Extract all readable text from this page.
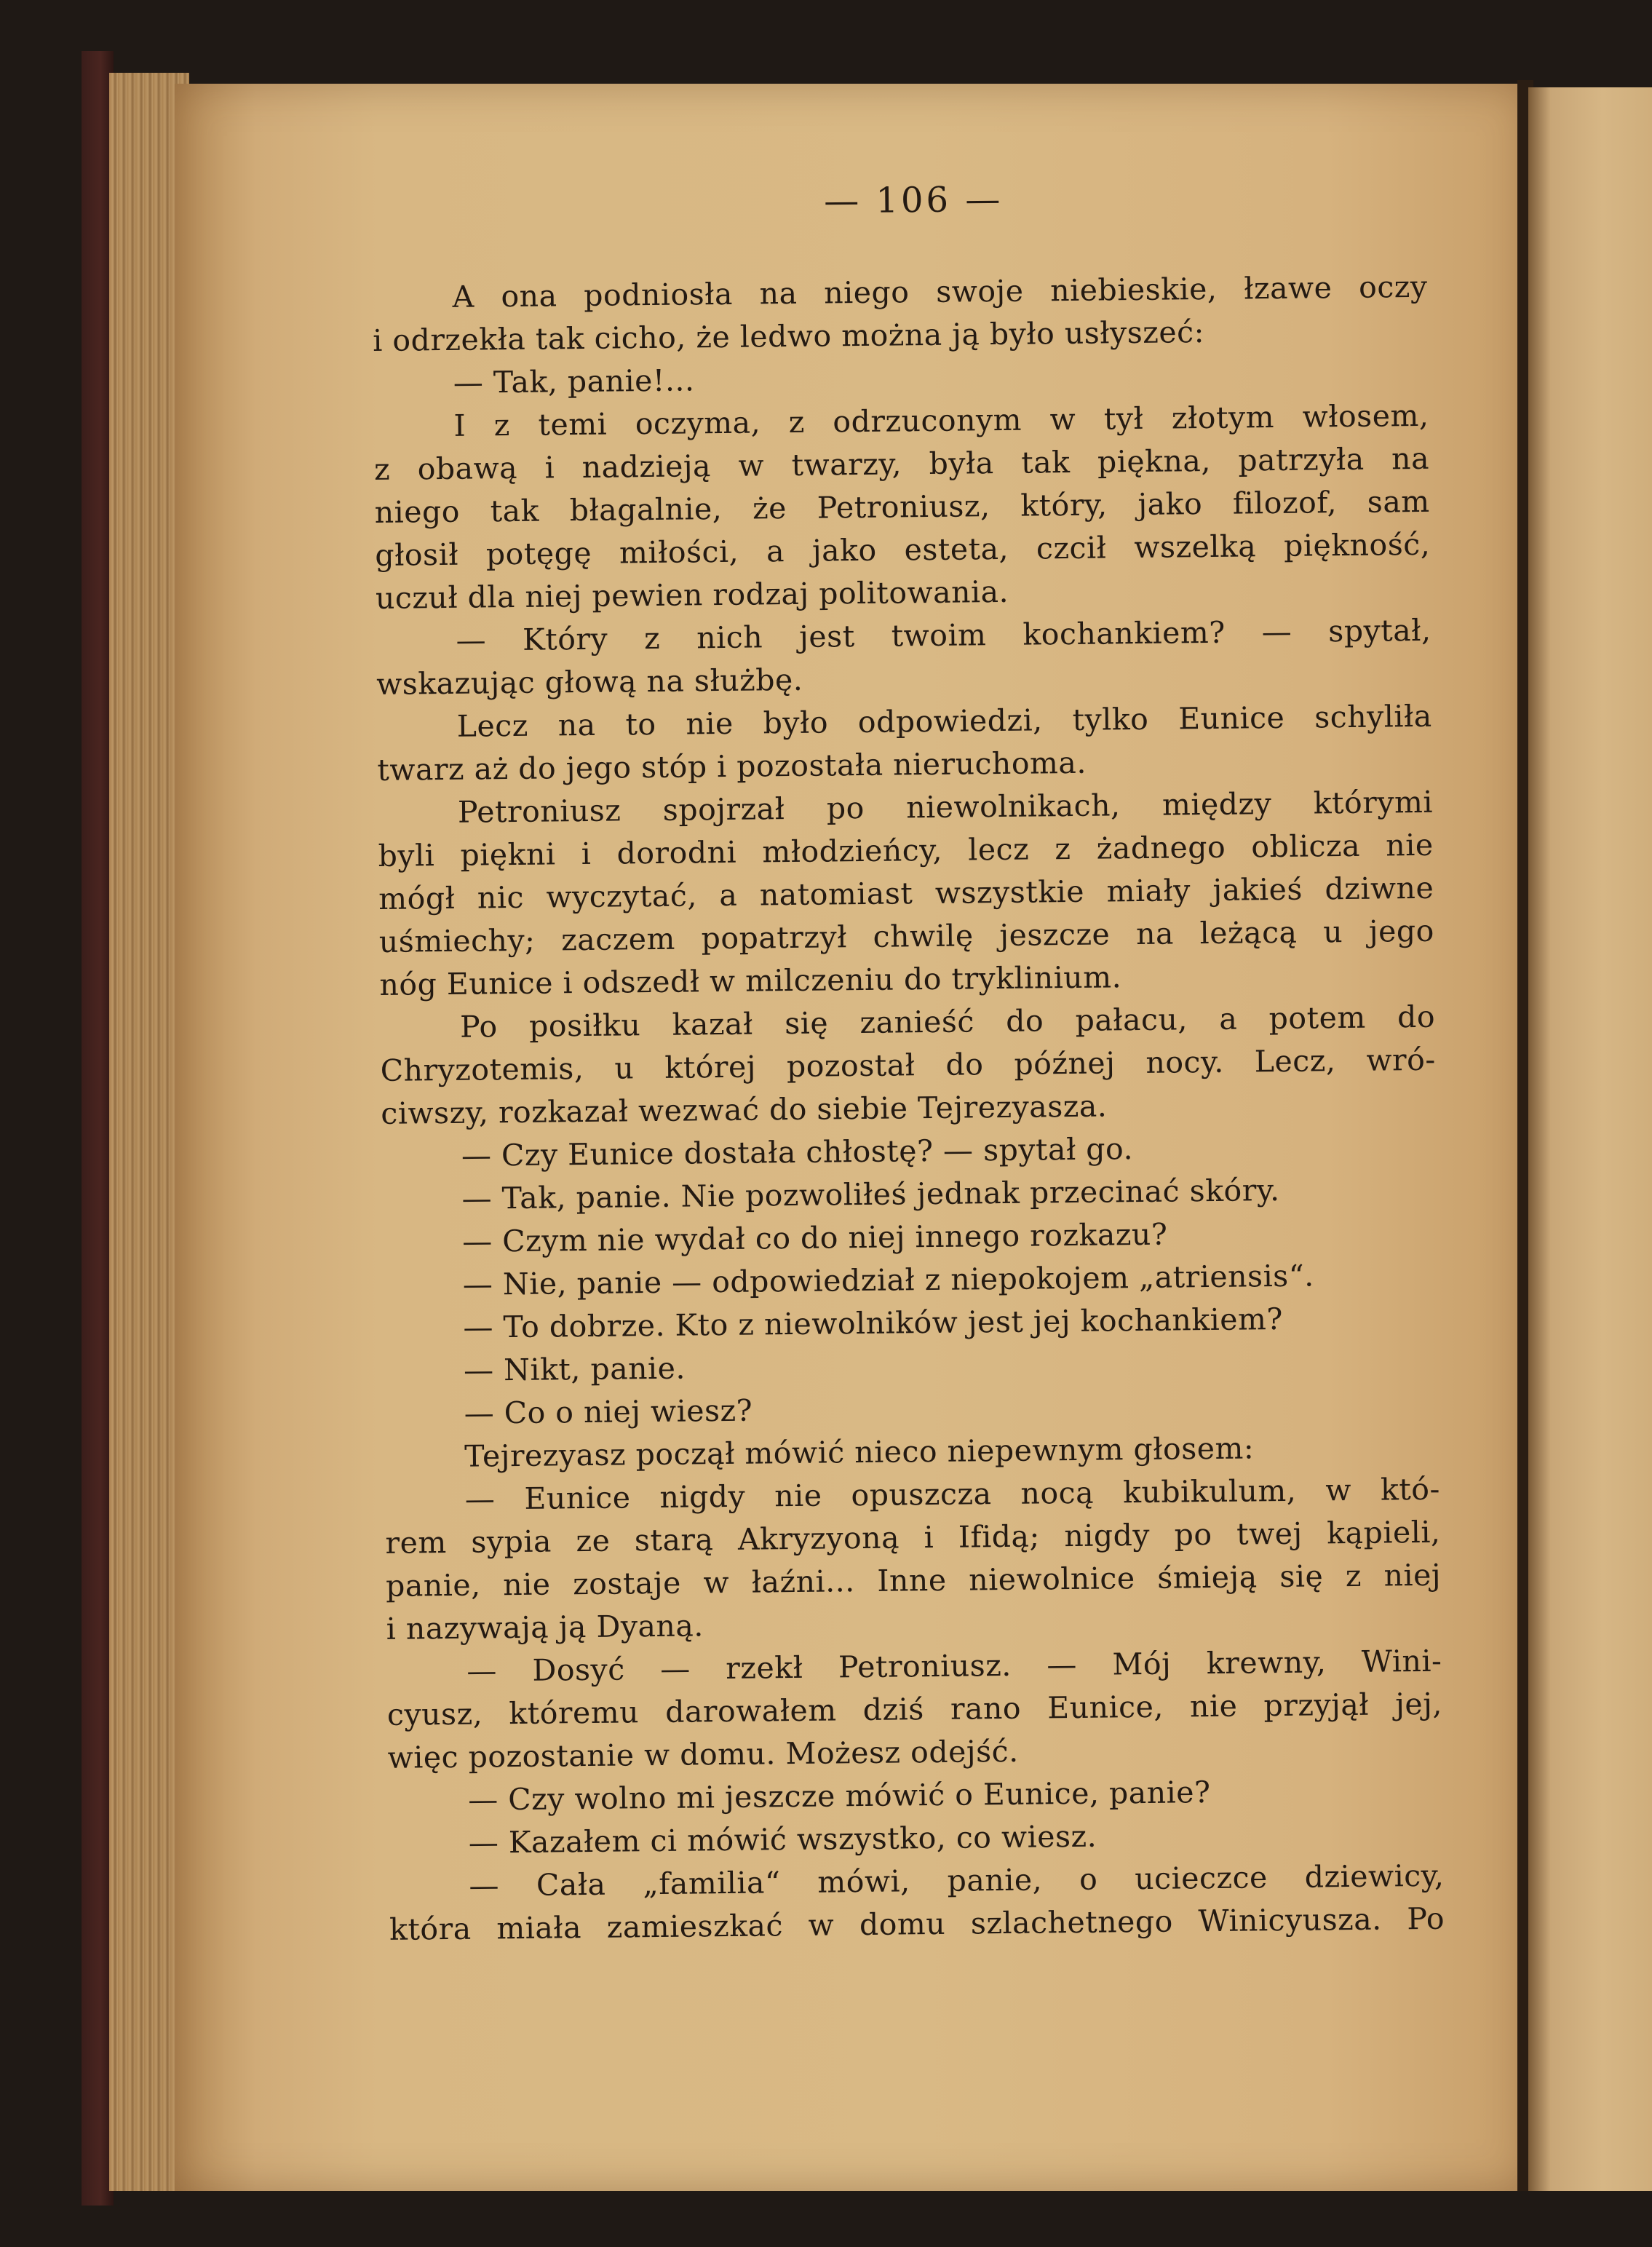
— 106 —
A ona podniosła na niego swoje niebieskie, łzawe oczy
i odrzekła tak cicho, że ledwo można ją było usłyszeć:
— Tak, panie!...
I z temi oczyma, z odrzuconym w tył złotym włosem,
z obawą i nadzieją w twarzy, była tak piękna, patrzyła na
niego tak błagalnie, że Petroniusz, który, jako filozof, sam
głosił potęgę miłości, a jako esteta, czcił wszelką piękność,
uczuł dla niej pewien rodzaj politowania.
— Który z nich jest twoim kochankiem? — spytał,
wskazując głową na służbę.
Lecz na to nie było odpowiedzi, tylko Eunice schyliła
twarz aż do jego stóp i pozostała nieruchoma.
Petroniusz spojrzał po niewolnikach, między którymi
byli piękni i dorodni młodzieńcy, lecz z żadnego oblicza nie
mógł nic wyczytać, a natomiast wszystkie miały jakieś dziwne
uśmiechy; zaczem popatrzył chwilę jeszcze na leżącą u jego
nóg Eunice i odszedł w milczeniu do tryklinium.
Po posiłku kazał się zanieść do pałacu, a potem do
Chryzotemis, u której pozostał do późnej nocy. Lecz, wró-
ciwszy, rozkazał wezwać do siebie Tejrezyasza.
— Czy Eunice dostała chłostę? — spytał go.
— Tak, panie. Nie pozwoliłeś jednak przecinać skóry.
— Czym nie wydał co do niej innego rozkazu?
— Nie, panie — odpowiedział z niepokojem „atriensis“.
— To dobrze. Kto z niewolników jest jej kochankiem?
— Nikt, panie.
— Co o niej wiesz?
Tejrezyasz począł mówić nieco niepewnym głosem:
— Eunice nigdy nie opuszcza nocą kubikulum, w któ-
rem sypia ze starą Akryzyoną i Ifidą; nigdy po twej kąpieli,
panie, nie zostaje w łaźni... Inne niewolnice śmieją się z niej
i nazywają ją Dyaną.
— Dosyć — rzekł Petroniusz. — Mój krewny, Wini-
cyusz, któremu darowałem dziś rano Eunice, nie przyjął jej,
więc pozostanie w domu. Możesz odejść.
— Czy wolno mi jeszcze mówić o Eunice, panie?
— Kazałem ci mówić wszystko, co wiesz.
— Cała „familia“ mówi, panie, o ucieczce dziewicy,
która miała zamieszkać w domu szlachetnego Winicyusza. Po
